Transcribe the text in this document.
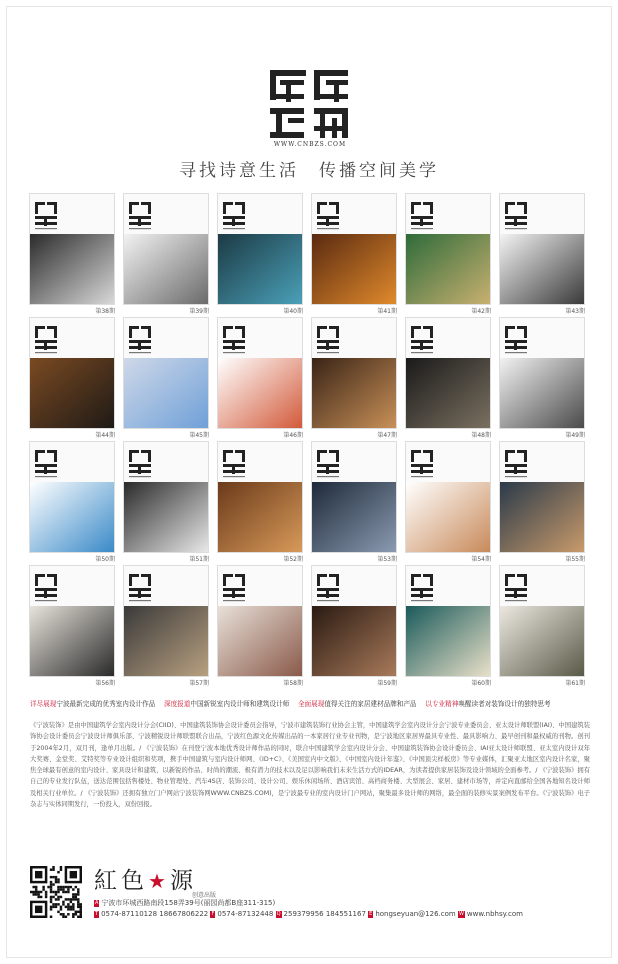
WWW.CNBZS.COM
寻找诗意生活　传播空间美学
第38期	第39期	第40期	第41期	第42期	第43期
第44期	第45期	第46期	第47期	第48期	第49期
第50期	第51期	第52期	第53期	第54期	第55期
第56期	第57期	第58期	第59期	第60期	第61期
详尽展现宁波最新完成的优秀室内设计作品　 深度报道中国新锐室内设计师和建筑设计师　 全面展现值得关注的家居建材品牌和产品　 以专业精神唤醒读者对装饰设计的独特思考
《宁波装饰》是由中国建筑学会室内设计分会(CIID)、中国建筑装饰协会设计委员会指导，宁波市建筑装饰行业协会主管，中国建筑学会室内设计分会宁波专业委员会、亚太设计师联盟(IAI)、中国建筑装饰协会设计委员会宁波设计师俱乐部、宁波精锐设计师联盟联合出品，宁波红色源文化传媒出品的一本家居行业专业刊物，是宁波地区家居界最具专业性、最具影响力、最早创刊和最权威的刊物。创刊于2004年2月，双月刊，逢单月出版。/ 《宁波装饰》在刊登宁波本地优秀设计师作品的同时，联合中国建筑学会室内设计分会、中国建筑装饰协会设计委员会、IAI亚太设计师联盟、亚太室内设计双年大奖赛、金堂奖、艾特奖等专业设计组织和奖项，携手中国建筑与室内设计师网、《ID+C》、《美国室内中文版》、《中国室内设计年鉴》、《中国顶尖样板房》等专业媒体，汇聚亚太地区室内设计名家，聚焦全球最有创意的室内设计、家具设计和建筑，以新锐的作品、时尚的潮流、极有潜力的技术以及足以影响我们未来生活方式的IDEAR，为读者提供家居装饰及设计领域的全面参考。/ 《宁波装饰》拥有自己的专业发行队伍，送达范围包括售楼处、物业管理处、汽车4S店、装饰公司、设计公司、娱乐休闲场所、酒店宾馆、高档商务楼、大型展会、家居、建材市场等，并定向直邮给全国各地知名设计师及相关行业单位。/ 《宁波装饰》还拥有独立门户网站宁波装饰网WWW.CNBZS.COM)，是宁波最专业的室内设计门户网站，聚集最多设计师的网络，最全面的装修实景案例发布平台。《宁波装饰》电子杂志与实体同期发行，一份投入，双份回报。
紅色★源
创意出版
A 宁波市环城西路南段158弄39号(丽园尚都B座311-315)
T 0574-87110128 18667806222 F 0574-87132448 Q 259379956 184551167 E hongseyuan@126.com W www.nbhsy.com
